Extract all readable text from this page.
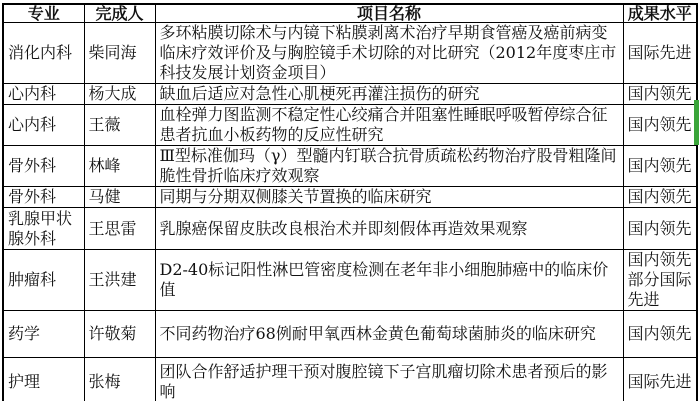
专业	完成人	项目名称	成果水平
消化内科	柴同海	多环粘膜切除术与内镜下粘膜剥离术治疗早期食管癌及癌前病变临床疗效评价及与胸腔镜手术切除的对比研究（2012年度枣庄市科技发展计划资金项目）	国际先进
心内科	杨大成	缺血后适应对急性心肌梗死再灌注损伤的研究	国内领先
心内科	王薇	血栓弹力图监测不稳定性心绞痛合并阻塞性睡眠呼吸暂停综合征患者抗血小板药物的反应性研究	国内领先
骨外科	林峰	Ⅲ型标准伽玛（γ）型髓内钉联合抗骨质疏松药物治疗股骨粗隆间脆性骨折临床疗效观察	国内领先
骨外科	马健	同期与分期双侧膝关节置换的临床研究	国内领先
乳腺甲状腺外科	王思雷	乳腺癌保留皮肤改良根治术并即刻假体再造效果观察	国内领先
肿瘤科	王洪建	D2-40标记阳性淋巴管密度检测在老年非小细胞肺癌中的临床价值	国内领先部分国际先进
药学	许敬菊	不同药物治疗68例耐甲氧西林金黄色葡萄球菌肺炎的临床研究	国内领先
护理	张梅	团队合作舒适护理干预对腹腔镜下子宫肌瘤切除术患者预后的影响	国际先进
